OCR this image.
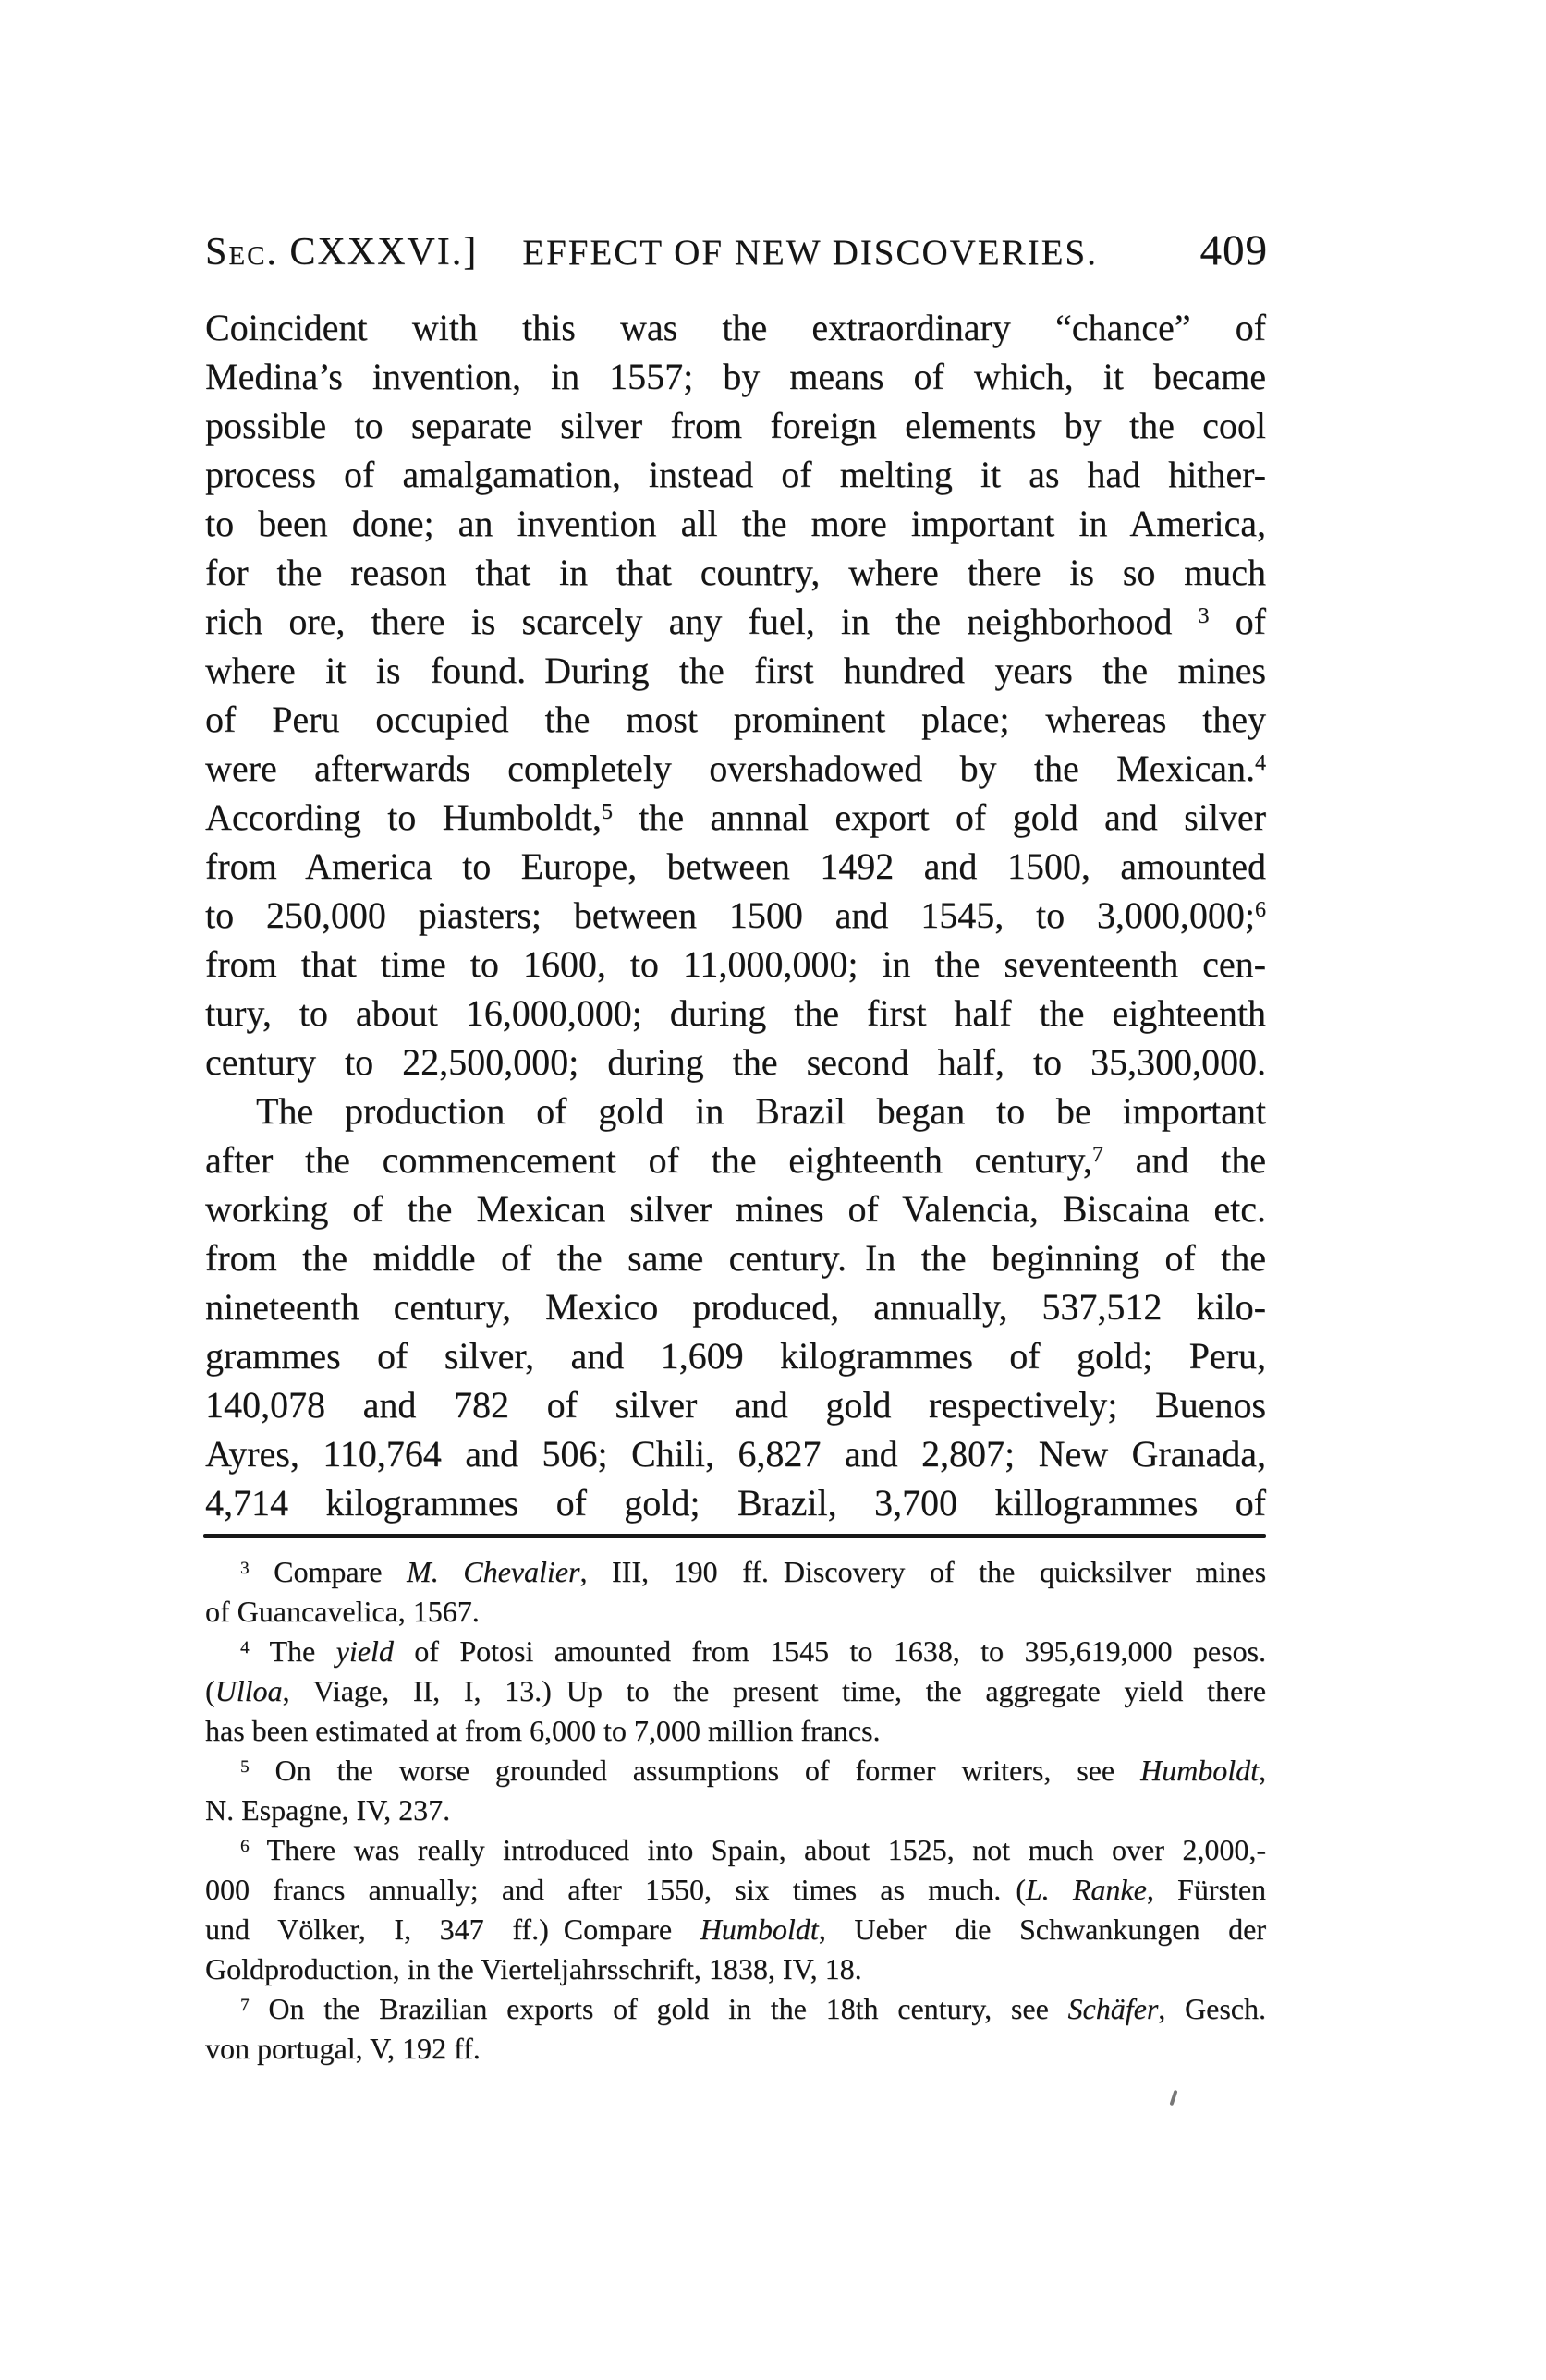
Sec. CXXXVI.] EFFECT OF NEW DISCOVERIES. 409
Coincident with this was the extraordinary “chance” of
Medina’s invention, in 1557; by means of which, it became
possible to separate silver from foreign elements by the cool
process of amalgamation, instead of melting it as had hither-
to been done; an invention all the more important in America,
for the reason that in that country, where there is so much
rich ore, there is scarcely any fuel, in the neighborhood $^3$ of
where it is found. During the first hundred years the mines
of Peru occupied the most prominent place; whereas they
were afterwards completely overshadowed by the Mexican.$^4$
According to Humboldt,$^5$ the annnal export of gold and silver
from America to Europe, between 1492 and 1500, amounted
to 250,000 piasters; between 1500 and 1545, to 3,000,000;$^6$
from that time to 1600, to 11,000,000; in the seventeenth cen-
tury, to about 16,000,000; during the first half the eighteenth
century to 22,500,000; during the second half, to 35,300,000.
The production of gold in Brazil began to be important
after the commencement of the eighteenth century,$^7$ and the
working of the Mexican silver mines of Valencia, Biscaina etc.
from the middle of the same century. In the beginning of the
nineteenth century, Mexico produced, annually, 537,512 kilo-
grammes of silver, and 1,609 kilogrammes of gold; Peru,
140,078 and 782 of silver and gold respectively; Buenos
Ayres, 110,764 and 506; Chili, 6,827 and 2,807; New Granada,
4,714 kilogrammes of gold; Brazil, 3,700 killogrammes of
$^3$ Compare M. Chevalier, III, 190 ff. Discovery of the quicksilver mines
of Guancavelica, 1567.
$^4$ The yield of Potosi amounted from 1545 to 1638, to 395,619,000 pesos.
(Ulloa, Viage, II, I, 13.) Up to the present time, the aggregate yield there
has been estimated at from 6,000 to 7,000 million francs.
$^5$ On the worse grounded assumptions of former writers, see Humboldt,
N. Espagne, IV, 237.
$^6$ There was really introduced into Spain, about 1525, not much over 2,000,-
000 francs annually; and after 1550, six times as much. (L. Ranke, Fürsten
und Völker, I, 347 ff.) Compare Humboldt, Ueber die Schwankungen der
Goldproduction, in the Vierteljahrsschrift, 1838, IV, 18.
$^7$ On the Brazilian exports of gold in the 18th century, see Schäfer, Gesch.
von portugal, V, 192 ff.
